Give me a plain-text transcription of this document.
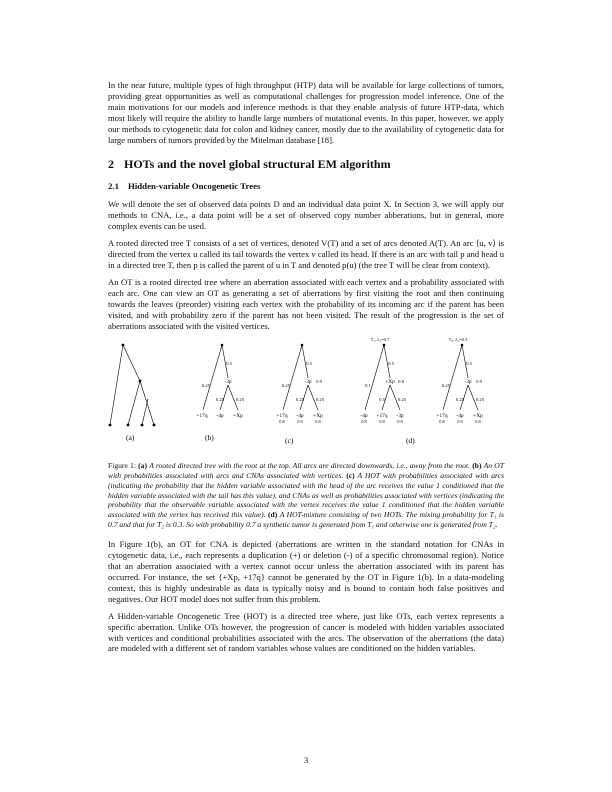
In the near future, multiple types of high throughput (HTP) data will be available for large collections of tumors, providing great opportunities as well as computational challenges for progression model inference. One of the main motivations for our models and inference methods is that they enable analysis of future HTP-data, which most likely will require the ability to handle large numbers of mutational events. In this paper, however, we apply our methods to cytogenetic data for colon and kidney cancer, mostly due to the availability of cytogenetic data for large numbers of tumors provided by the Mitelman database [18].

2 HOTs and the novel global structural EM algorithm
2.1 Hidden-variable Oncogenetic Trees

We will denote the set of observed data points D and an individual data point X. In Section 3, we will apply our methods to CNA, i.e., a data point will be a set of observed copy number abberations, but in general, more complex events can be used.

A rooted directed tree T consists of a set of vertices, denoted V(T) and a set of arcs denoted A(T). An arc ⟨u, v⟩ is directed from the vertex u called its tail towards the vertex v called its head. If there is an arc with tail p and head u in a directed tree T, then p is called the parent of u in T and denoted p(u) (the tree T will be clear from context).

An OT is a rooted directed tree where an aberration associated with each vertex and a probability associated with each arc. One can view an OT as generating a set of aberrations by first visiting the root and then continuing towards the leaves (preorder) visiting each vertex with the probability of its incoming arc if the parent has been visited, and with probability zero if the parent has not been visited. The result of the progression is the set of aberrations associated with the visited vertices.

(a)
0.5
0.25
-3p
0.25	0.25
+17q -4p +Xp
0.5
0.25
-3p 0.9
0.25	0.25
+17q
0.8
-4p
0.9
+Xp
0.8
T₁, λ₁=0.7
0.5
0.1
+Xp 0.8
0.5	0.25
-4p
0.8
+17q
0.8
-3p
0.9
T₂, λ₂=0.3
0.5
0.25
-3p 0.9
0.25	0.25
+17q
0.8
-4p
0.9
+Xp
0.8
(b)	(c)	(d)

Figure 1: (a) A rooted directed tree with the root at the top. All arcs are directed downwards, i.e., away from the root. (b) An OT with probabilities associated with arcs and CNAs associated with vertices. (c) A HOT with probabilities associated with arcs (indicating the probability that the hidden variable associated with the head of the arc receives the value 1 conditioned that the hidden variable associated with the tail has this value), and CNAs as well as probabilities associated with vertices (indicating the probability that the observable variable associated with the vertex receives the value 1 conditioned that the hidden variable associated with the vertex has received this value). (d) A HOT-mixture consisting of two HOTs. The mixing probability for T₁ is 0.7 and that for T₂ is 0.3. So with probability 0.7 a synthetic tumor is generated from T₁ and otherwise one is generated from T₂.

In Figure 1(b), an OT for CNA is depicted (aberrations are written in the standard notation for CNAs in cytogenetic data, i.e., each represents a duplication (+) or deletion (-) of a specific chromosomal region). Notice that an aberration associated with a vertex cannot occur unless the aberration associated with its parent has occurred. For instance, the set {+Xp, +17q} cannot be generated by the OT in Figure 1(b). In a data-modeling context, this is highly undesirable as data is typically noisy and is bound to contain both false positives and negatives. Our HOT model does not suffer from this problem.

A Hidden-variable Oncogenetic Tree (HOT) is a directed tree where, just like OTs, each vertex represents a specific aberration. Unlike OTs however, the progression of cancer is modeled with hidden variables associated with vertices and conditional probabilities associated with the arcs. The observation of the aberrations (the data) are modeled with a different set of random variables whose values are conditioned on the hidden variables.

3
